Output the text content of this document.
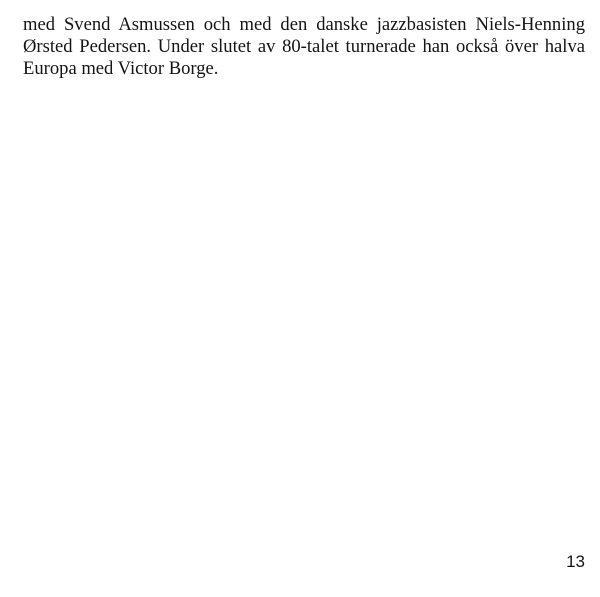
med Svend Asmussen och med den danske jazzbasisten Niels-Henning
Ørsted Pedersen. Under slutet av 80-talet turnerade han också över halva
Europa med Victor Borge.

13
